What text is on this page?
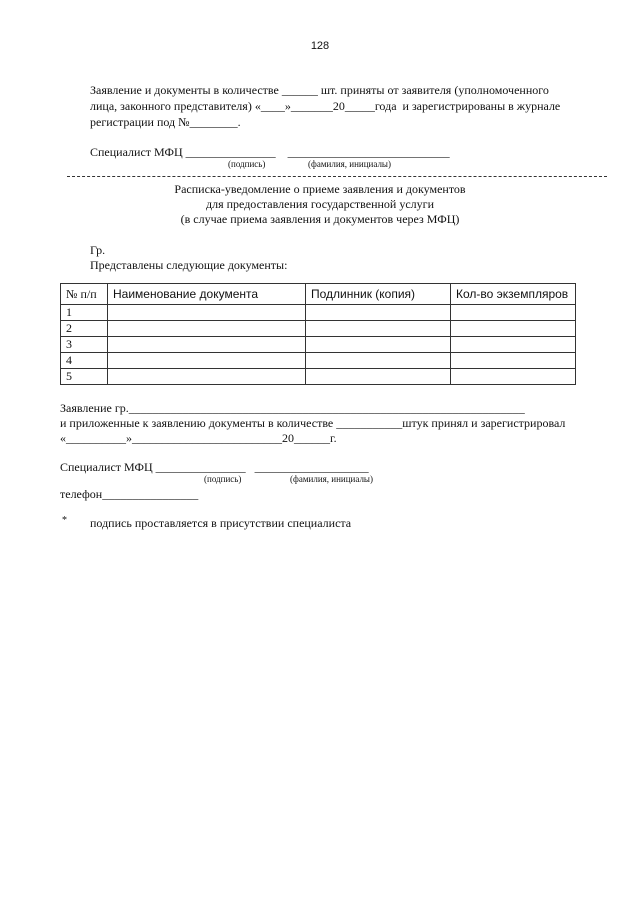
128
Заявление и документы в количестве ______ шт. приняты от заявителя (уполномоченного
лица, законного представителя) «____»_______20_____года  и зарегистрированы в журнале
регистрации под №________.
Специалист МФЦ _______________    ___________________________
(подпись)	(фамилия, инициалы)
Расписка-уведомление о приеме заявления и документов
для предоставления государственной услуги
(в случае приема заявления и документов через МФЦ)
Гр.
Представлены следующие документы:
№ п/п	Наименование документа	Подлинник (копия)	Кол-во экземпляров
1			
2			
3			
4			
5			
Заявление гр.__________________________________________________________________
и приложенные к заявлению документы в количестве ___________штук принял и зарегистрировал
«__________»_________________________20______г.
Специалист МФЦ _______________   ___________________
(подпись)	(фамилия, инициалы)
телефон________________
* подпись проставляется в присутствии специалиста
